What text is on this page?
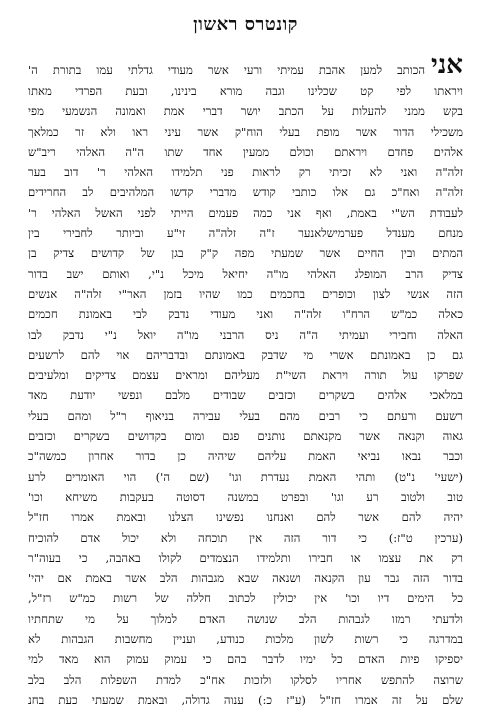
קונטרס ראשון
אני
הכותב למען אהבת עמיתי ורעי אשר מעודי גדלתי עמו בתורת ה'
ויראתו לפי קט שכלינו וגבה מורא בינינו, ובעת הפרדי מאתו
בקש ממני להעלות על הכתב יושר דברי אמת ואמונה הנשמעי מפי
משכילי הדור אשר מופת בעלי הוח"ק אשר עיני ראו ולא זר כמלאך
אלהים פחדם ויראתם וכולם ממעין אחד שתו ה"ה האלהי ריב"ש
זלה"ה ואני לא זכיתי רק לראות פני תלמידו האלהי ר' דוב בער
זלה"ה ואח"כ גם אלו כותבי קודש מדברי קדשו המלהיבים לב החרידים
לעבודת הש"י באמת, ואף אני כמה פעמים הייתי לפני האשל האלהי ר'
מנחם מענדל פערמישלאנער ז"ה זלה"ה זי"ע וביותר לחבירי בין
המתים ובין החיים אשר שמעתי מפה ק"ק בגן של קדושים צדיק בן
צדיק הרב המופלג האלהי מו"ה יחיאל מיכל נ"י, ואותם ישב בדור
הזה אנשי לצון וכופרים בחכמים כמו שהיו בזמן האר"י זלה"ה אנשים
כאלה כמ"ש הרח"ו זלה"ה ואני מעודי נדבק לבי באמונת חכמים
האלה וחבירי ועמיתי ה"ה ניס הרבני מו"ה יואל נ"י נדבק לבו
גם כן באמונתם אשרי מי שדבק באמונתם ובדבריהם אוי להם לרשעים
שפרקו עול תורה ויראת השי"ת מעליהם ומראים עצמם צדיקים ומלעיבים
במלאכי אלהים בשקרים וכזבים שבודים מלבם ונפשי יודעת מאד
רשעם ורעתם כי רבים מהם בעלי עבירה בניאוף ר"ל ומהם בעלי
גאוה וקנאה אשר מקנאתם נותנים פגם ומום בקדושים בשקרים וכזבים
וכבר נבאו נביאי האמת עליהם שיהיה כן בדור אחרון כמשה"כ
(ישעי' נ"ט) ותהי האמת נעדרת וגו' (שם ה') הוי האומרים לרע
טוב ולטוב רע וגו' ובפרט במשנה דסוטה בעקבות משיחא וכו'
יהיה להם אשר להם ואנחנו נפשינו הצלנו ובאמת אמרו חז"ל
(ערכין ט"ז:) כי דור הזה אין תוכחה ולא יכול אדם להוכיח
רק את עצמו או חבירו ותלמידו הנצמדים לקולו באהבה, כי בעוה"ר
בדור הזה גבר עון הקנאה ושנאה שבא מגבהות הלב אשר באמת אם יהי'
כל הימים דיו וכו' אין יכולין לכתוב חללה של רשות כמ"ש רז"ל,
ולדעתי רמזו לגבהות הלב שנושה האדם למלוך על מי שתחתיו
במדרגה כי רשות לשון מלכות כנודע, ועניין מחשבות הגבהות לא
יספיקו פיות האדם כל ימיו לדבר בהם כי עמוק עמוק הוא מאד למי
שרוצה להתפש אחריו לסלקו ולזכות אח"כ למדת השפלות הלב בלב
שלם על זה אמרו חז"ל (ע"ז כ:) ענוה גדולה, ובאמת שמעתי כעת בחנ
